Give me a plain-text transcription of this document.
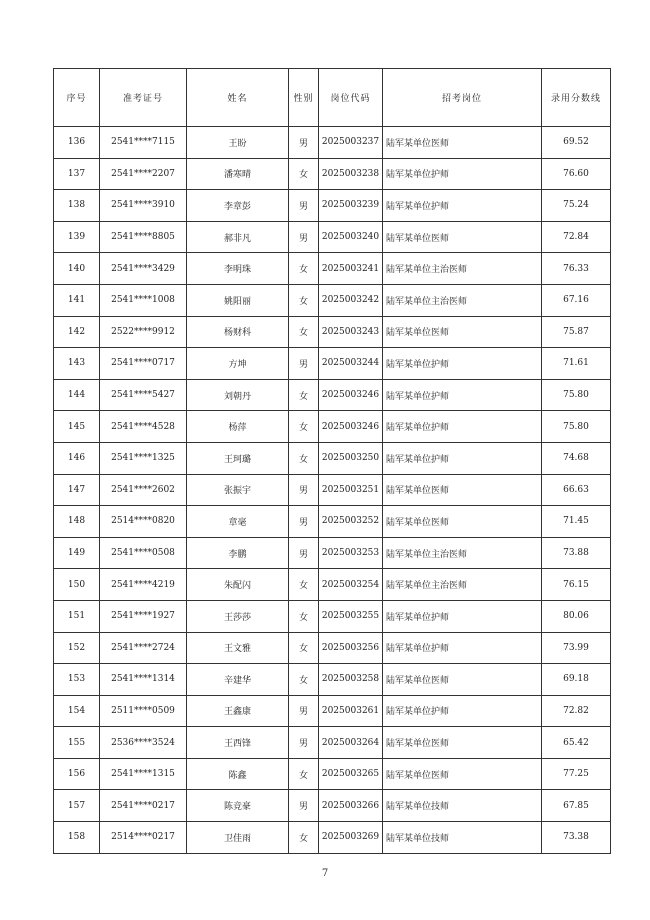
序号	准考证号	姓名	性别	岗位代码	招考岗位	录用分数线
136	2541****7115	王盼	男	2025003237	陆军某单位医师	69.52
137	2541****2207	潘寒晴	女	2025003238	陆军某单位护师	76.60
138	2541****3910	李章彭	男	2025003239	陆军某单位护师	75.24
139	2541****8805	郝非凡	男	2025003240	陆军某单位医师	72.84
140	2541****3429	李明珠	女	2025003241	陆军某单位主治医师	76.33
141	2541****1008	姚阳丽	女	2025003242	陆军某单位主治医师	67.16
142	2522****9912	杨财科	女	2025003243	陆军某单位医师	75.87
143	2541****0717	方坤	男	2025003244	陆军某单位护师	71.61
144	2541****5427	刘朝丹	女	2025003246	陆军某单位护师	75.80
145	2541****4528	杨萍	女	2025003246	陆军某单位护师	75.80
146	2541****1325	王珂璐	女	2025003250	陆军某单位护师	74.68
147	2541****2602	张振宇	男	2025003251	陆军某单位医师	66.63
148	2514****0820	章毫	男	2025003252	陆军某单位医师	71.45
149	2541****0508	李鹏	男	2025003253	陆军某单位主治医师	73.88
150	2541****4219	朱配闪	女	2025003254	陆军某单位主治医师	76.15
151	2541****1927	王莎莎	女	2025003255	陆军某单位护师	80.06
152	2541****2724	王文雅	女	2025003256	陆军某单位护师	73.99
153	2541****1314	辛建华	女	2025003258	陆军某单位医师	69.18
154	2511****0509	王鑫康	男	2025003261	陆军某单位护师	72.82
155	2536****3524	王西锋	男	2025003264	陆军某单位医师	65.42
156	2541****1315	陈鑫	女	2025003265	陆军某单位医师	77.25
157	2541****0217	陈竞豪	男	2025003266	陆军某单位技师	67.85
158	2514****0217	卫佳雨	女	2025003269	陆军某单位技师	73.38
7
